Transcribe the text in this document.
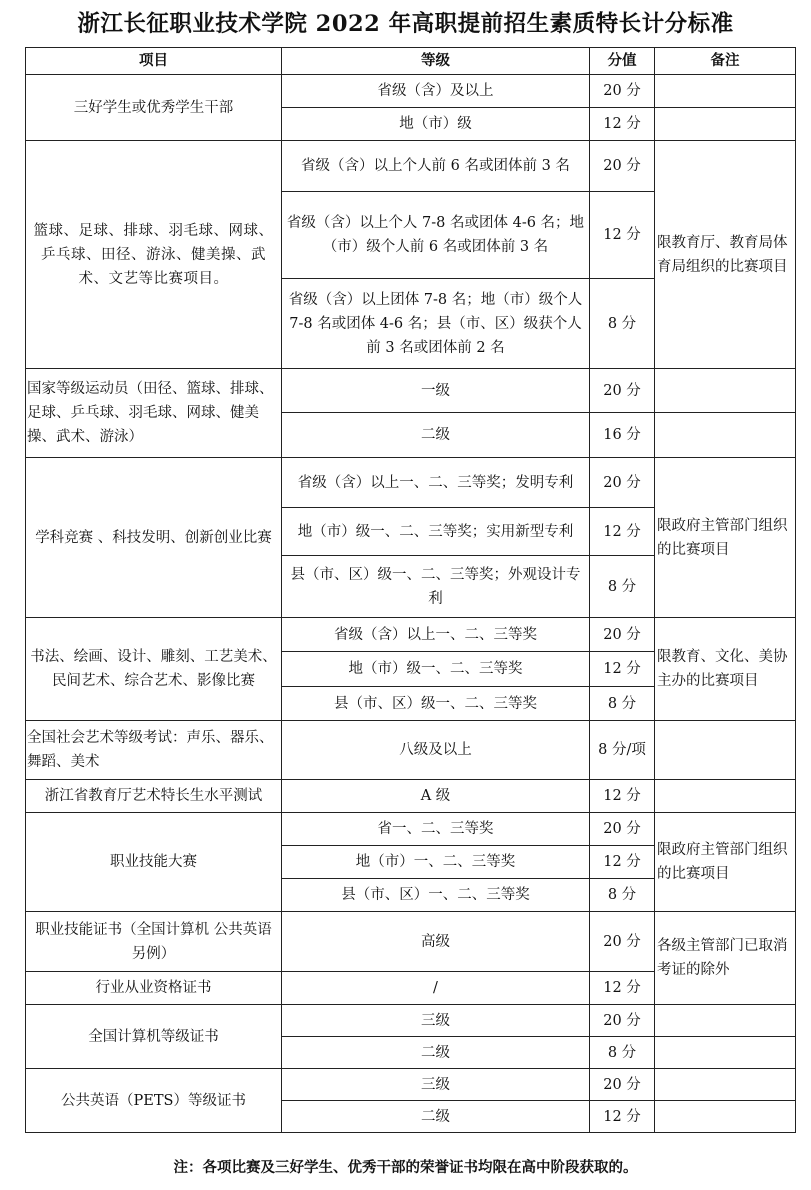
浙江长征职业技术学院 2022 年高职提前招生素质特长计分标准
项目	等级	分值	备注
三好学生或优秀学生干部	省级（含）及以上	20 分	
	地（市）级	12 分	
篮球、足球、排球、羽毛球、网球、乒乓球、田径、游泳、健美操、武术、文艺等比赛项目。	省级（含）以上个人前 6 名或团体前 3 名	20 分	限教育厅、教育局体育局组织的比赛项目
	省级（含）以上个人 7-8 名或团体 4-6 名；地（市）级个人前 6 名或团体前 3 名	12 分	
	省级（含）以上团体 7-8 名；地（市）级个人 7-8 名或团体 4-6 名；县（市、区）级获个人前 3 名或团体前 2 名	8 分	
国家等级运动员（田径、篮球、排球、足球、乒乓球、羽毛球、网球、健美操、武术、游泳）	一级	20 分	
	二级	16 分	
学科竞赛 、科技发明、创新创业比赛	省级（含）以上一、二、三等奖；发明专利	20 分	限政府主管部门组织的比赛项目
	地（市）级一、二、三等奖；实用新型专利	12 分	
	县（市、区）级一、二、三等奖；外观设计专利	8 分	
书法、绘画、设计、雕刻、工艺美术、民间艺术、综合艺术、影像比赛	省级（含）以上一、二、三等奖	20 分	限教育、文化、美协主办的比赛项目
	地（市）级一、二、三等奖	12 分	
	县（市、区）级一、二、三等奖	8 分	
全国社会艺术等级考试：声乐、器乐、舞蹈、美术	八级及以上	8 分/项	
浙江省教育厅艺术特长生水平测试	A 级	12 分	
职业技能大赛	省一、二、三等奖	20 分	限政府主管部门组织的比赛项目
	地（市）一、二、三等奖	12 分	
	县（市、区）一、二、三等奖	8 分	
职业技能证书（全国计算机 公共英语 另例）	高级	20 分	各级主管部门已取消考证的除外
行业从业资格证书	/	12 分	
全国计算机等级证书	三级	20 分	
	二级	8 分	
公共英语（PETS）等级证书	三级	20 分	
	二级	12 分	
注：各项比赛及三好学生、优秀干部的荣誉证书均限在高中阶段获取的。
